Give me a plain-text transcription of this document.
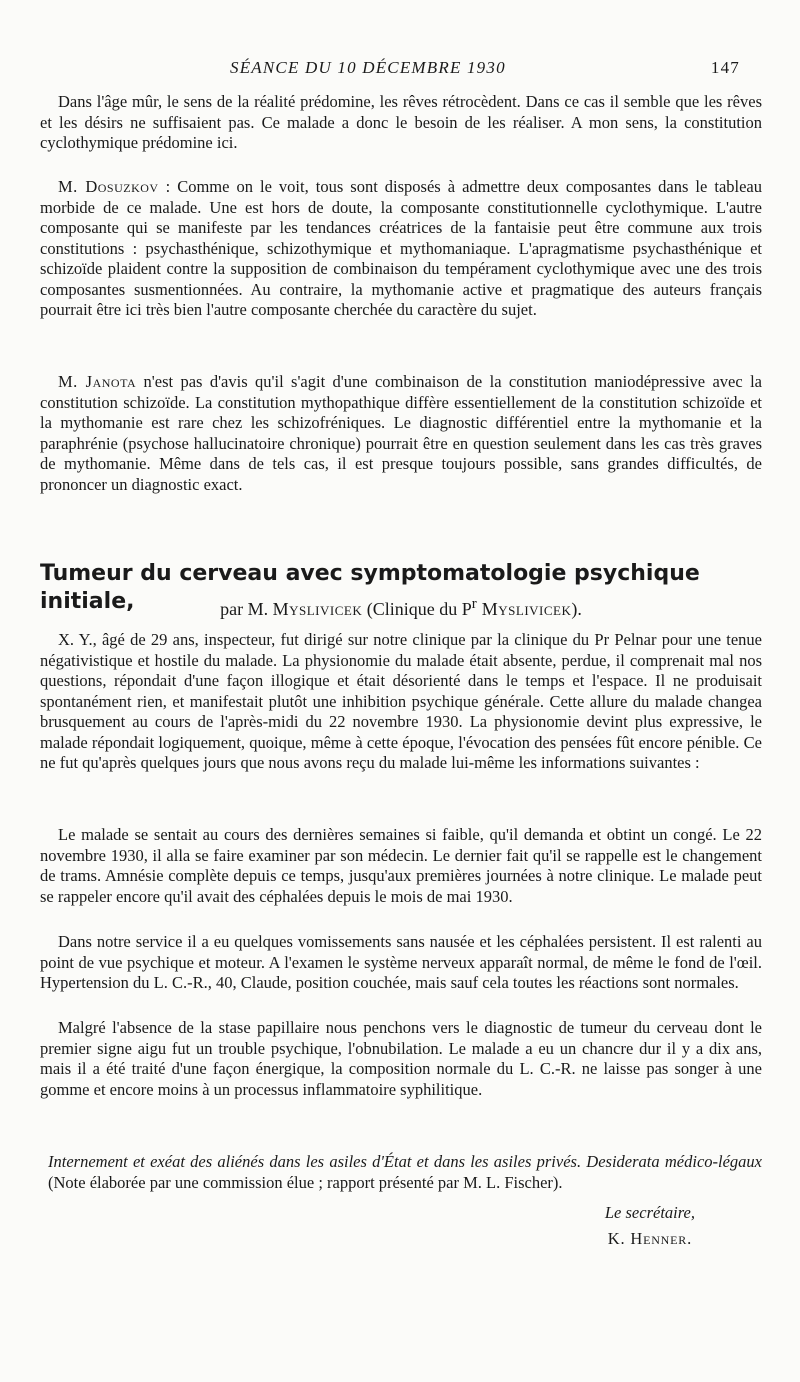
SÉANCE DU 10 DÉCEMBRE 1930	147

Dans l'âge mûr, le sens de la réalité prédomine, les rêves rétrocèdent. Dans ce cas il semble que les rêves et les désirs ne suffisaient pas. Ce malade a donc le besoin de les réaliser. A mon sens, la constitution cyclothymique prédomine ici.

M. Dosuzkov : Comme on le voit, tous sont disposés à admettre deux composantes dans le tableau morbide de ce malade. Une est hors de doute, la composante constitutionnelle cyclothymique. L'autre composante qui se manifeste par les tendances créatrices de la fantaisie peut être commune aux trois constitutions : psychasthénique, schizothymique et mythomaniaque. L'apragmatisme psychasthénique et schizoïde plaident contre la supposition de combinaison du tempérament cyclothymique avec une des trois composantes susmentionnées. Au contraire, la mythomanie active et pragmatique des auteurs français pourrait être ici très bien l'autre composante cherchée du caractère du sujet.

M. Janota n'est pas d'avis qu'il s'agit d'une combinaison de la constitution maniodépressive avec la constitution schizoïde. La constitution mythopathique diffère essentiellement de la constitution schizoïde et la mythomanie est rare chez les schizofréniques. Le diagnostic différentiel entre la mythomanie et la paraphrénie (psychose hallucinatoire chronique) pourrait être en question seulement dans les cas très graves de mythomanie. Même dans de tels cas, il est presque toujours possible, sans grandes difficultés, de prononcer un diagnostic exact.

Tumeur du cerveau avec symptomatologie psychique initiale,	par M. Myslivicek (Clinique du $P^r$ Myslivicek).

X. Y., âgé de 29 ans, inspecteur, fut dirigé sur notre clinique par la clinique du Pr Pelnar pour une tenue négativistique et hostile du malade. La physionomie du malade était absente, perdue, il comprenait mal nos questions, répondait d'une façon illogique et était désorienté dans le temps et l'espace. Il ne produisait spontanément rien, et manifestait plutôt une inhibition psychique générale. Cette allure du malade changea brusquement au cours de l'après-midi du 22 novembre 1930. La physionomie devint plus expressive, le malade répondait logiquement, quoique, même à cette époque, l'évocation des pensées fût encore pénible. Ce ne fut qu'après quelques jours que nous avons reçu du malade lui-même les informations suivantes :

Le malade se sentait au cours des dernières semaines si faible, qu'il demanda et obtint un congé. Le 22 novembre 1930, il alla se faire examiner par son médecin. Le dernier fait qu'il se rappelle est le changement de trams. Amnésie complète depuis ce temps, jusqu'aux premières journées à notre clinique. Le malade peut se rappeler encore qu'il avait des céphalées depuis le mois de mai 1930.

Dans notre service il a eu quelques vomissements sans nausée et les céphalées persistent. Il est ralenti au point de vue psychique et moteur. A l'examen le système nerveux apparaît normal, de même le fond de l'œil. Hypertension du L. C.-R., 40, Claude, position couchée, mais sauf cela toutes les réactions sont normales.

Malgré l'absence de la stase papillaire nous penchons vers le diagnostic de tumeur du cerveau dont le premier signe aigu fut un trouble psychique, l'obnubilation. Le malade a eu un chancre dur il y a dix ans, mais il a été traité d'une façon énergique, la composition normale du L. C.-R. ne laisse pas songer à une gomme et encore moins à un processus inflammatoire syphilitique.

Internement et exéat des aliénés dans les asiles d'État et dans les asiles privés. Desiderata médico-légaux (Note élaborée par une commission élue ; rapport présenté par M. L. Fischer).
Le secrétaire,
K. Henner.
